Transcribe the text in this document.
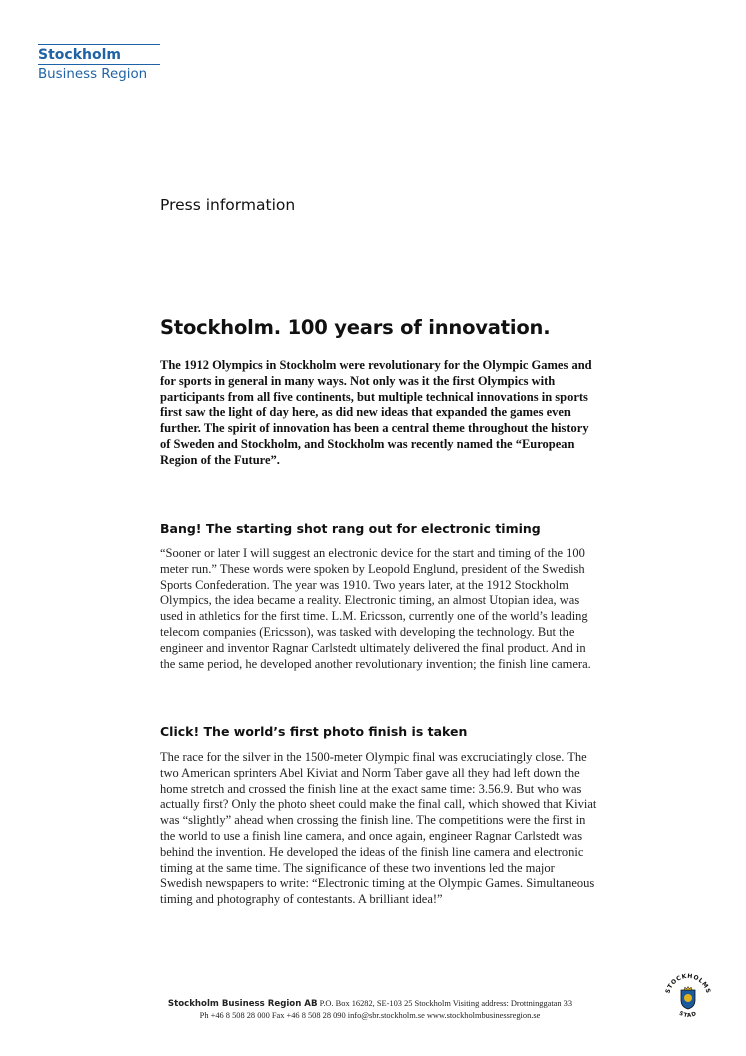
Stockholm
Business Region
Press information
Stockholm. 100 years of innovation.

The 1912 Olympics in Stockholm were revolutionary for the Olympic Games and for sports in general in many ways. Not only was it the first Olympics with participants from all five continents, but multiple technical innovations in sports first saw the light of day here, as did new ideas that expanded the games even further. The spirit of innovation has been a central theme throughout the history of Sweden and Stockholm, and Stockholm was recently named the “European Region of the Future”.

Bang! The starting shot rang out for electronic timing

“Sooner or later I will suggest an electronic device for the start and timing of the 100 meter run.” These words were spoken by Leopold Englund, president of the Swedish Sports Confederation. The year was 1910. Two years later, at the 1912 Stockholm Olympics, the idea became a reality. Electronic timing, an almost Utopian idea, was used in athletics for the first time. L.M. Ericsson, currently one of the world’s leading telecom companies (Ericsson), was tasked with developing the technology. But the engineer and inventor Ragnar Carlstedt ultimately delivered the final product. And in the same period, he developed another revolutionary invention; the finish line camera.

Click! The world’s first photo finish is taken

The race for the silver in the 1500-meter Olympic final was excruciatingly close. The two American sprinters Abel Kiviat and Norm Taber gave all they had left down the home stretch and crossed the finish line at the exact same time: 3.56.9. But who was actually first? Only the photo sheet could make the final call, which showed that Kiviat was “slightly” ahead when crossing the finish line. The competitions were the first in the world to use a finish line camera, and once again, engineer Ragnar Carlstedt was behind the invention. He developed the ideas of the finish line camera and electronic timing at the same time. The significance of these two inventions led the major Swedish newspapers to write: “Electronic timing at the Olympic Games. Simultaneous timing and photography of contestants. A brilliant idea!”

Stockholm Business Region AB P.O. Box 16282, SE-103 25 Stockholm Visiting address: Drottninggatan 33
Ph +46 8 508 28 000 Fax +46 8 508 28 090 info@sbr.stockholm.se www.stockholmbusinessregion.se
STOCKHOLMS
STAD
